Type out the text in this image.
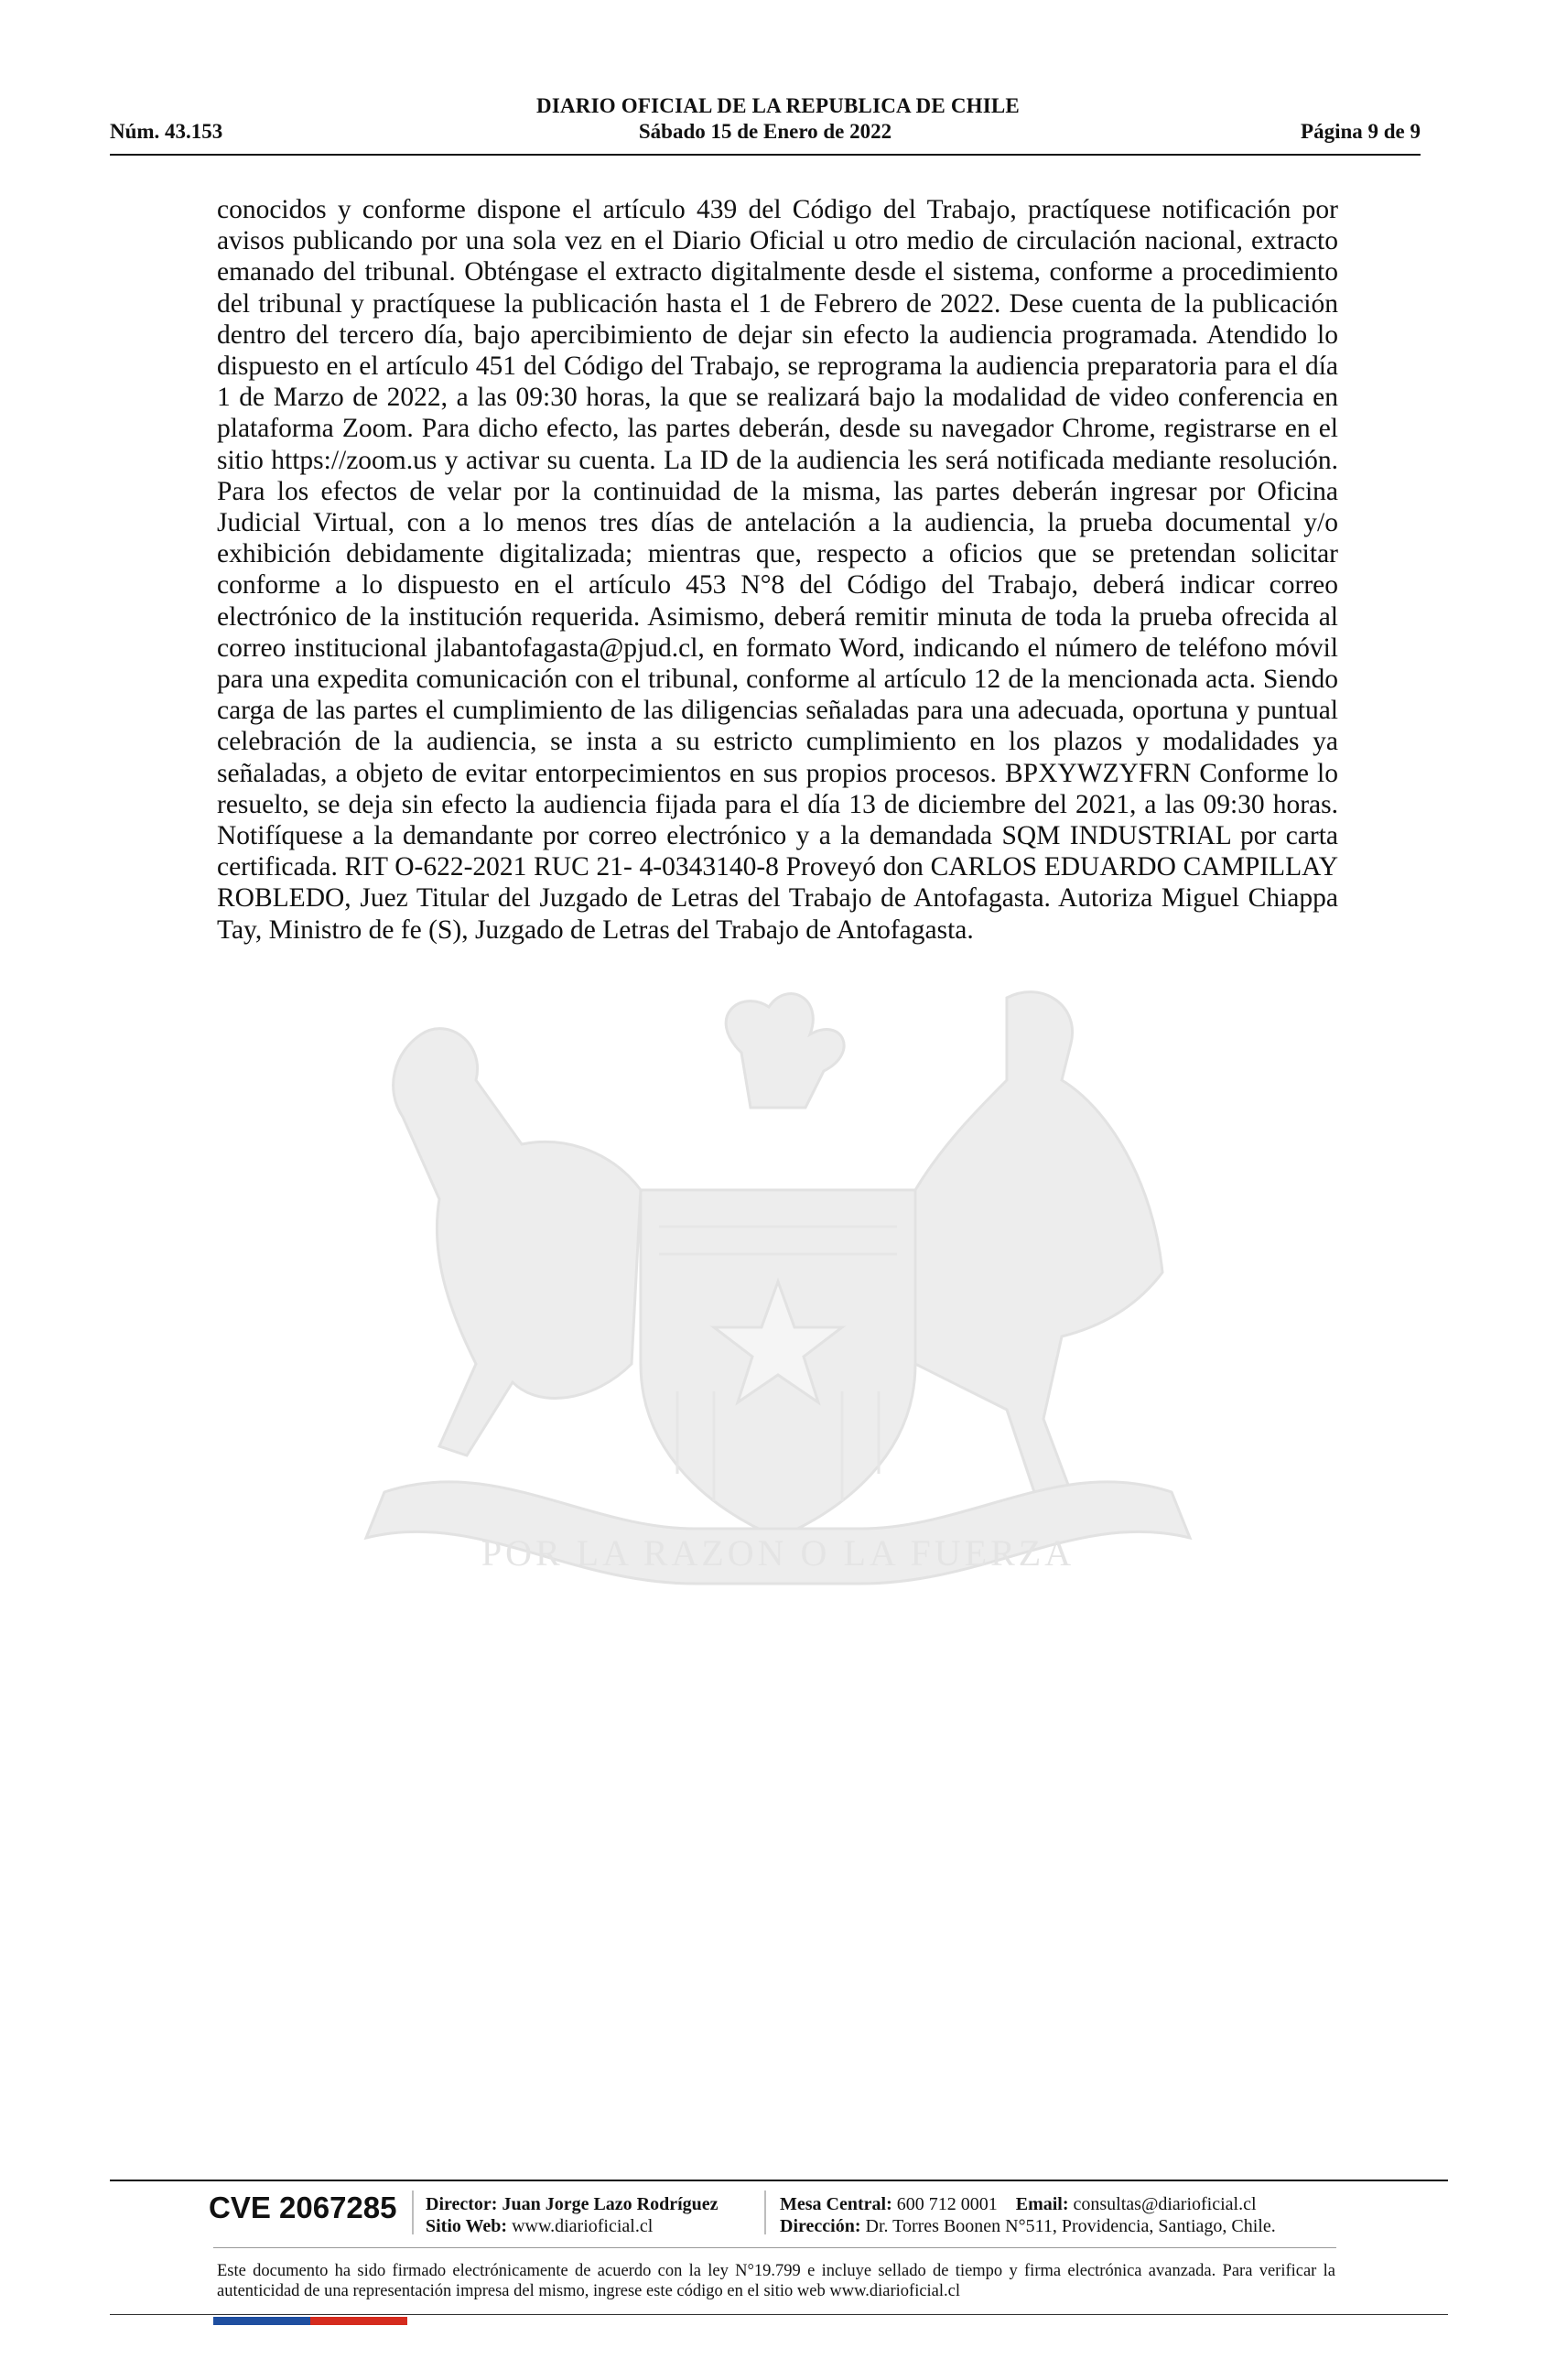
DIARIO OFICIAL DE LA REPUBLICA DE CHILE
Núm. 43.153	Sábado 15 de Enero de 2022	Página 9 de 9
POR LA RAZON O LA FUERZA

conocidos y conforme dispone el artículo 439 del Código del Trabajo, practíquese notificación por avisos publicando por una sola vez en el Diario Oficial u otro medio de circulación nacional, extracto emanado del tribunal. Obténgase el extracto digitalmente desde el sistema, conforme a procedimiento del tribunal y practíquese la publicación hasta el 1 de Febrero de 2022. Dese cuenta de la publicación dentro del tercero día, bajo apercibimiento de dejar sin efecto la audiencia programada. Atendido lo dispuesto en el artículo 451 del Código del Trabajo, se reprograma la audiencia preparatoria para el día 1 de Marzo de 2022, a las 09:30 horas, la que se realizará bajo la modalidad de video conferencia en plataforma Zoom. Para dicho efecto, las partes deberán, desde su navegador Chrome, registrarse en el sitio https://zoom.us y activar su cuenta. La ID de la audiencia les será notificada mediante resolución. Para los efectos de velar por la continuidad de la misma, las partes deberán ingresar por Oficina Judicial Virtual, con a lo menos tres días de antelación a la audiencia, la prueba documental y/o exhibición debidamente digitalizada; mientras que, respecto a oficios que se pretendan solicitar conforme a lo dispuesto en el artículo 453 N°8 del Código del Trabajo, deberá indicar correo electrónico de la institución requerida. Asimismo, deberá remitir minuta de toda la prueba ofrecida al correo institucional jlabantofagasta@pjud.cl, en formato Word, indicando el número de teléfono móvil para una expedita comunicación con el tribunal, conforme al artículo 12 de la mencionada acta. Siendo carga de las partes el cumplimiento de las diligencias señaladas para una adecuada, oportuna y puntual celebración de la audiencia, se insta a su estricto cumplimiento en los plazos y modalidades ya señaladas, a objeto de evitar entorpecimientos en sus propios procesos. BPXYWZYFRN Conforme lo resuelto, se deja sin efecto la audiencia fijada para el día 13 de diciembre del 2021, a las 09:30 horas. Notifíquese a la demandante por correo electrónico y a la demandada SQM INDUSTRIAL por carta certificada. RIT O-622-2021 RUC 21- 4-0343140-8 Proveyó don CARLOS EDUARDO CAMPILLAY ROBLEDO, Juez Titular del Juzgado de Letras del Trabajo de Antofagasta. Autoriza Miguel Chiappa Tay, Ministro de fe (S), Juzgado de Letras del Trabajo de Antofagasta.

CVE 2067285 Director: Juan Jorge Lazo Rodríguez
Sitio Web: www.diarioficial.cl
Mesa Central: 600 712 0001 Email: consultas@diarioficial.cl
Dirección: Dr. Torres Boonen N°511, Providencia, Santiago, Chile.

Este documento ha sido firmado electrónicamente de acuerdo con la ley N°19.799 e incluye sellado de tiempo y firma electrónica avanzada. Para verificar la autenticidad de una representación impresa del mismo, ingrese este código en el sitio web www.diarioficial.cl
